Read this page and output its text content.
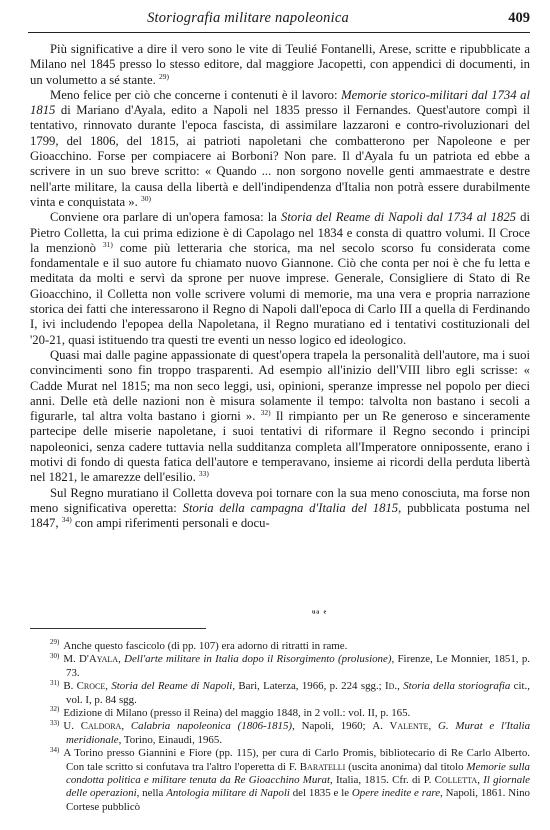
Storiografia militare napoleonica	409

Più significative a dire il vero sono le vite di Teulié Fontanelli, Arese, scritte e ripubblicate a Milano nel 1845 presso lo stesso editore, dal maggiore Jacopetti, con appendici di documenti, in un volumetto a sé stante. $^{29)}$

Meno felice per ciò che concerne i contenuti è il lavoro: Memorie storico-militari dal 1734 al 1815 di Mariano d'Ayala, edito a Napoli nel 1835 presso il Fernandes. Quest'autore compì il tentativo, rinnovato durante l'epoca fascista, di assimilare lazzaroni e contro-rivoluzionari del 1799, del 1806, del 1815, ai patrioti napoletani che combatterono per Napoleone e per Gioacchino. Forse per compiacere ai Borboni? Non pare. Il d'Ayala fu un patriota ed ebbe a scrivere in un suo breve scritto: « Quando ... non sorgono novelle genti ammaestrate e destre nell'arte militare, la causa della libertà e dell'indipendenza d'Italia non potrà essere durabilmente vinta e conquistata ». $^{30)}$

Conviene ora parlare di un'opera famosa: la Storia del Reame di Napoli dal 1734 al 1825 di Pietro Colletta, la cui prima edizione è di Capolago nel 1834 e consta di quattro volumi. Il Croce la menzionò $^{31)}$ come più letteraria che storica, ma nel secolo scorso fu considerata come fondamentale e il suo autore fu chiamato nuovo Giannone. Ciò che conta per noi è che fu letta e meditata da molti e servì da sprone per nuove imprese. Generale, Consigliere di Stato di Re Gioacchino, il Colletta non volle scrivere volumi di memorie, ma una vera e propria narrazione storica dei fatti che interessarono il Regno di Napoli dall'epoca di Carlo III a quella di Ferdinando I, ivi includendo l'epopea della Napoletana, il Regno muratiano ed i tentativi costituzionali del '20-21, quasi istituendo tra questi tre eventi un nesso logico ed ideologico.

Quasi mai dalle pagine appassionate di quest'opera trapela la personalità dell'autore, ma i suoi convincimenti sono fin troppo trasparenti. Ad esempio all'inizio dell'VIII libro egli scrisse: « Cadde Murat nel 1815; ma non seco leggi, usi, opinioni, speranze impresse nel popolo per dieci anni. Delle età delle nazioni non è misura solamente il tempo: talvolta non bastano i secoli a figurarle, tal altra volta bastano i giorni ». $^{32)}$ Il rimpianto per un Re generoso e sinceramente partecipe delle miserie napoletane, i suoi tentativi di riformare il Regno secondo i principi napoleonici, senza cadere tuttavia nella sudditanza completa all'Imperatore onnipossente, erano i motivi di fondo di questa fatica dell'autore e temperavano, insieme ai ricordi della perduta libertà nel 1821, le amarezze dell'esilio. $^{33)}$

Sul Regno muratiano il Colletta doveva poi tornare con la sua meno conosciuta, ma forse non meno significativa operetta: Storia della campagna d'Italia del 1815, pubblicata postuma nel 1847, $^{34)}$ con ampi riferimenti personali e docu-

ᵘᵃ ᵉ
$^{29)}$ Anche questo fascicolo (di pp. 107) era adorno di ritratti in rame.
$^{30)}$ M. D'Ayala, Dell'arte militare in Italia dopo il Risorgimento (prolusione), Firenze, Le Monnier, 1851, p. 73.
$^{31)}$ B. Croce, Storia del Reame di Napoli, Bari, Laterza, 1966, p. 224 sgg.; Id., Storia della storiografia cit., vol. I, p. 84 sgg.
$^{32)}$ Edizione di Milano (presso il Reina) del maggio 1848, in 2 voll.: vol. II, p. 165.
$^{33)}$ U. Caldora, Calabria napoleonica (1806-1815), Napoli, 1960; A. Valente, G. Murat e l'Italia meridionale, Torino, Einaudi, 1965.
$^{34)}$ A Torino presso Giannini e Fiore (pp. 115), per cura di Carlo Promis, bibliotecario di Re Carlo Alberto. Con tale scritto si confutava tra l'altro l'operetta di F. Baratelli (uscita anonima) dal titolo Memorie sulla condotta politica e militare tenuta da Re Gioacchino Murat, Italia, 1815. Cfr. di P. Colletta, Il giornale delle operazioni, nella Antologia militare di Napoli del 1835 e le Opere inedite e rare, Napoli, 1861. Nino Cortese pubblicò
